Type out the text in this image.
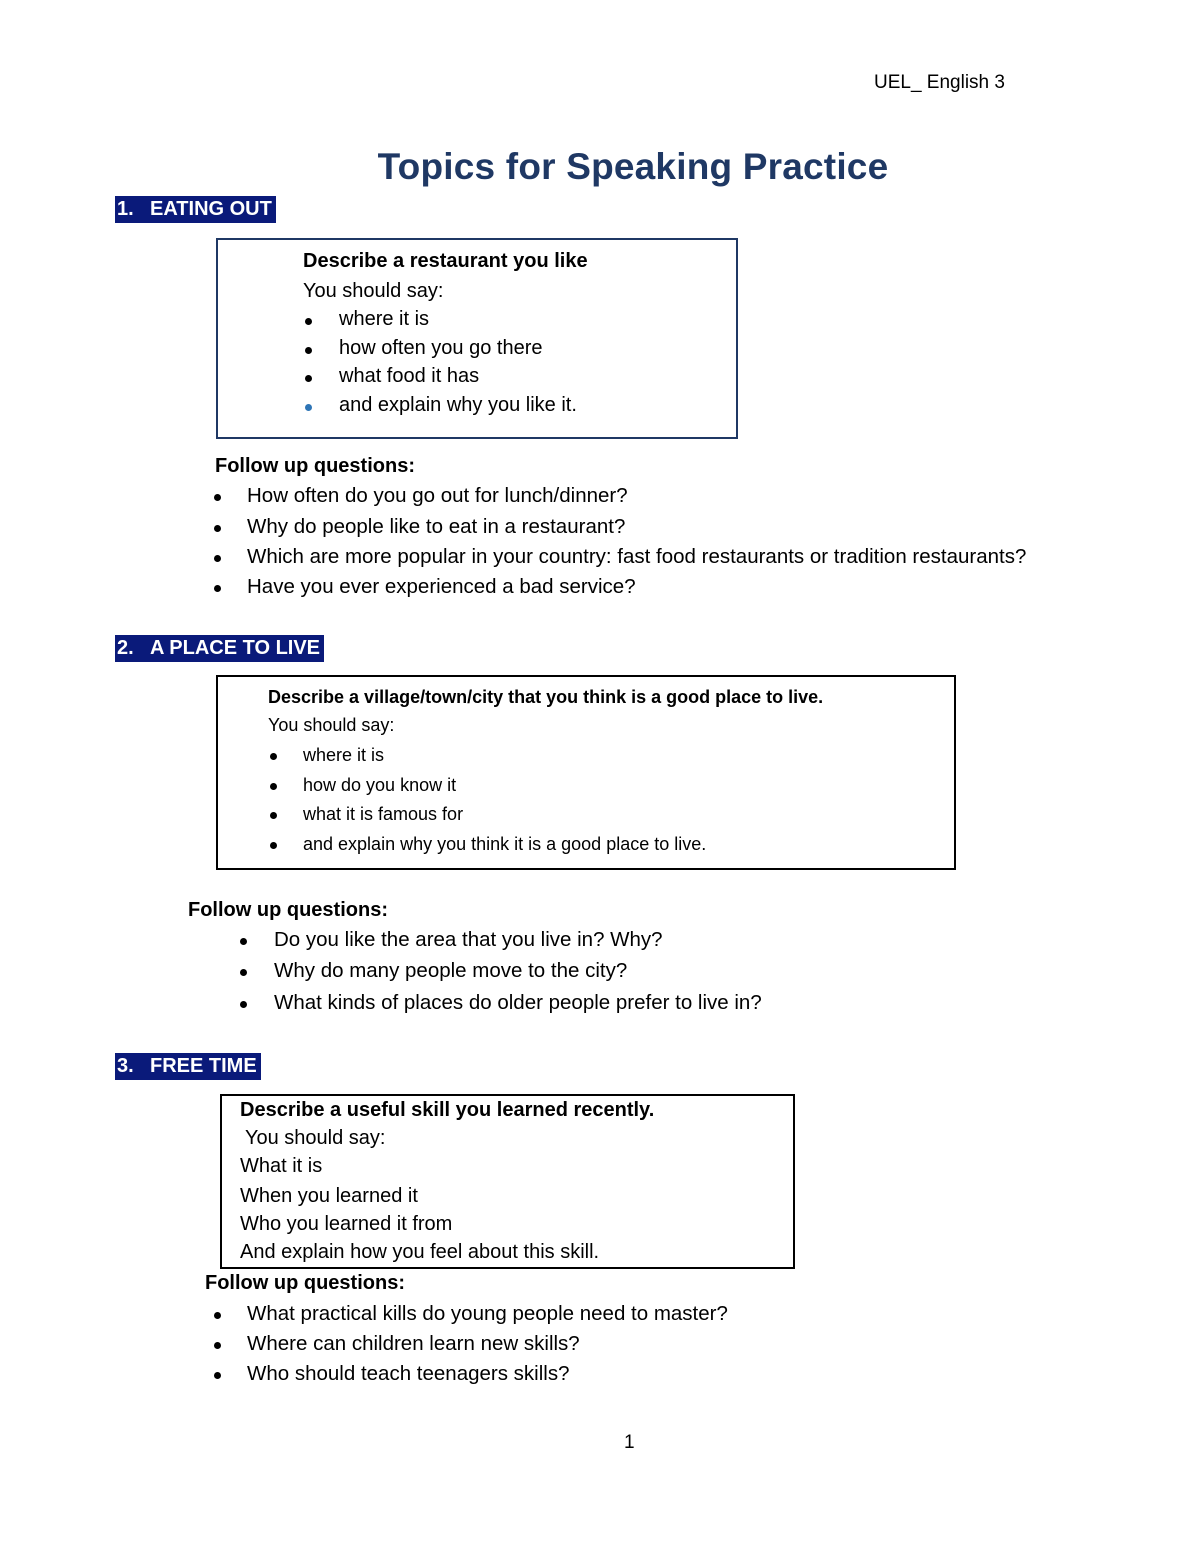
UEL_ English 3
Topics for Speaking Practice
1. EATING OUT
Describe a restaurant you like
You should say:
where it is
how often you go there
what food it has
and explain why you like it.
Follow up questions:
How often do you go out for lunch/dinner?
Why do people like to eat in a restaurant?
Which are more popular in your country: fast food restaurants or tradition restaurants?
Have you ever experienced a bad service?
2. A PLACE TO LIVE
Describe a village/town/city that you think is a good place to live.
You should say:
where it is
how do you know it
what it is famous for
and explain why you think it is a good place to live.
Follow up questions:
Do you like the area that you live in? Why?
Why do many people move to the city?
What kinds of places do older people prefer to live in?
3. FREE TIME
Describe a useful skill you learned recently.
You should say:
What it is
When you learned it
Who you learned it from
And explain how you feel about this skill.
Follow up questions:
What practical kills do young people need to master?
Where can children learn new skills?
Who should teach teenagers skills?
1
